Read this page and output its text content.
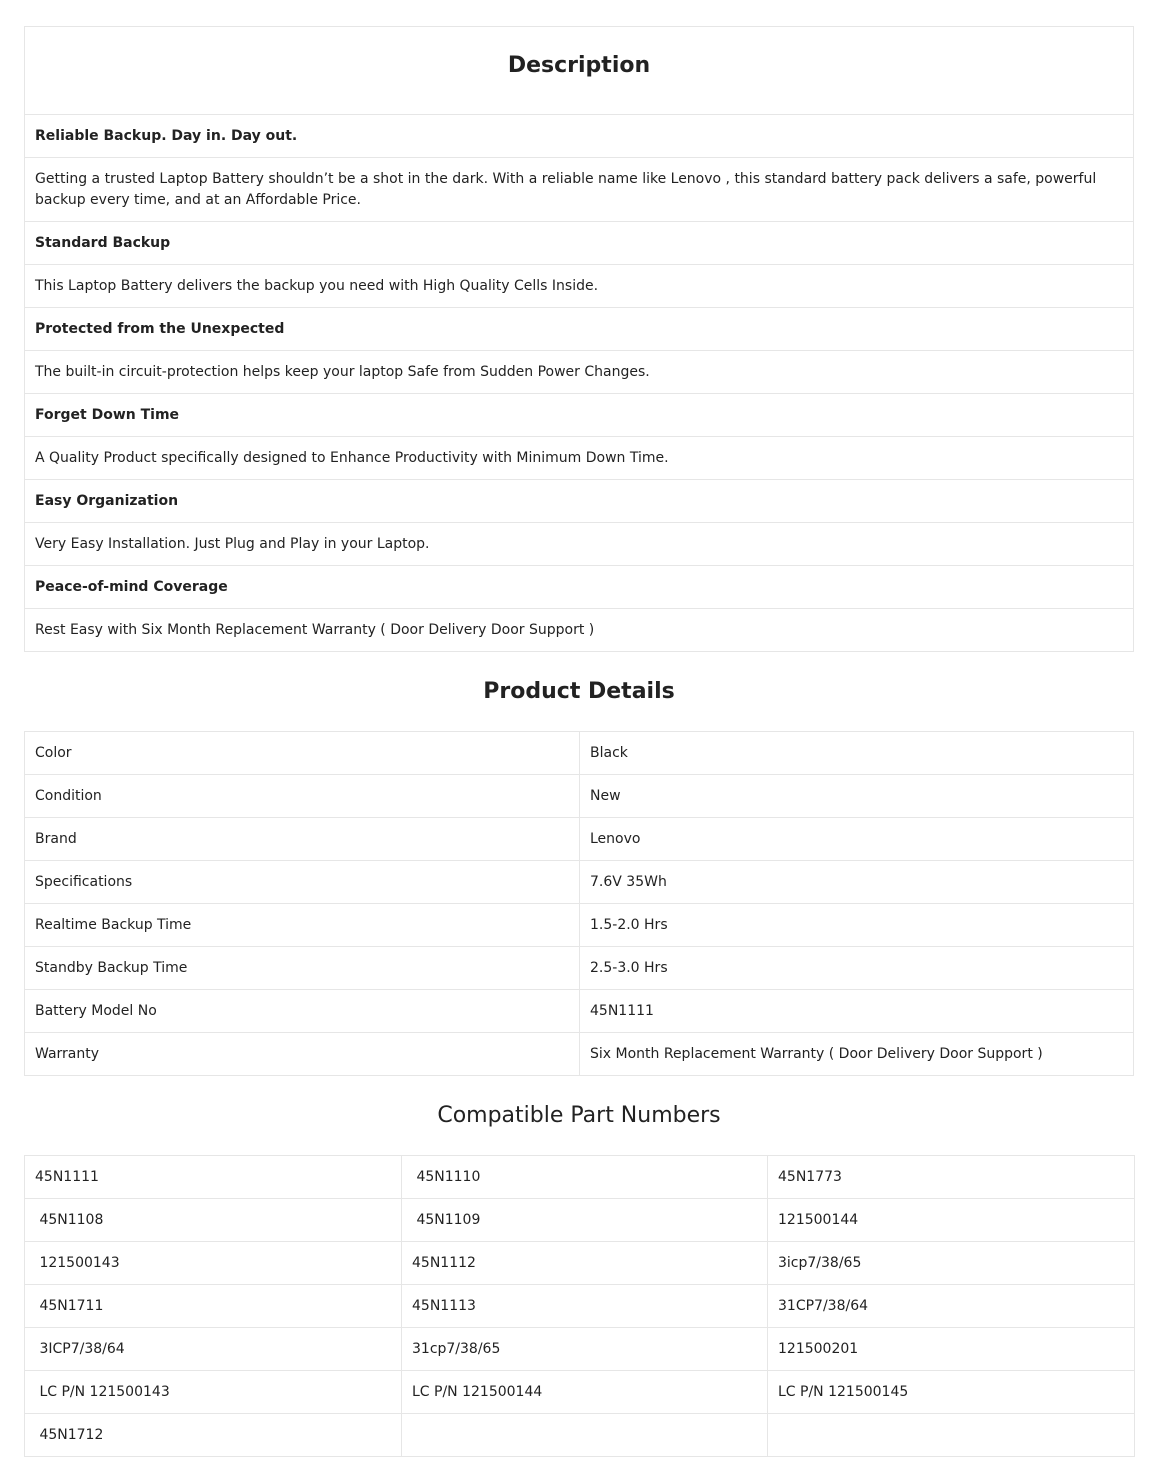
Description
Reliable Backup. Day in. Day out.
Getting a trusted Laptop Battery shouldn’t be a shot in the dark. With a reliable name like Lenovo , this standard battery pack delivers a safe, powerful backup every time, and at an Affordable Price.
Standard Backup
This Laptop Battery delivers the backup you need with High Quality Cells Inside.
Protected from the Unexpected
The built-in circuit-protection helps keep your laptop Safe from Sudden Power Changes.
Forget Down Time
A Quality Product specifically designed to Enhance Productivity with Minimum Down Time.
Easy Organization
Very Easy Installation. Just Plug and Play in your Laptop.
Peace-of-mind Coverage
Rest Easy with Six Month Replacement Warranty ( Door Delivery Door Support )
Product Details
Color	Black
Condition	New
Brand	Lenovo
Specifications	7.6V 35Wh
Realtime Backup Time	1.5-2.0 Hrs
Standby Backup Time	2.5-3.0 Hrs
Battery Model No	45N1111
Warranty	Six Month Replacement Warranty ( Door Delivery Door Support )
Compatible Part Numbers
45N1111	45N1110	45N1773
45N1108	45N1109	121500144
121500143	45N1112	3icp7/38/65
45N1711	45N1113	31CP7/38/64
3ICP7/38/64	31cp7/38/65	121500201
LC P/N 121500143	LC P/N 121500144	LC P/N 121500145
45N1712		
